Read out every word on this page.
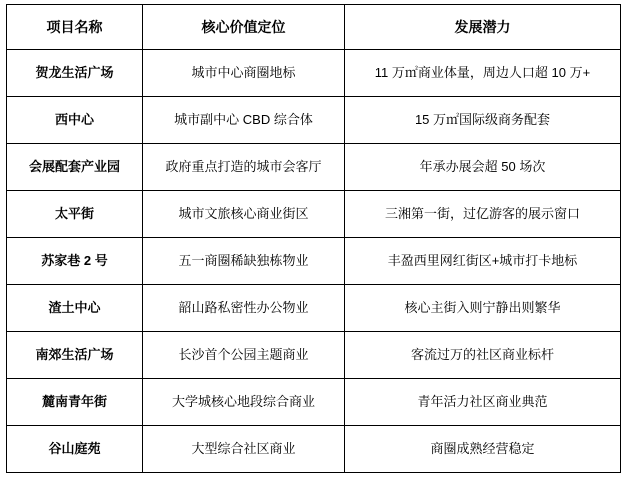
项目名称	核心价值定位	发展潜力
贺龙生活广场	城市中心商圈地标	11 万㎡商业体量，周边人口超 10 万+
西中心	城市副中心 CBD 综合体	15 万㎡国际级商务配套
会展配套产业园	政府重点打造的城市会客厅	年承办展会超 50 场次
太平街	城市文旅核心商业街区	三湘第一街，过亿游客的展示窗口
苏家巷 2 号	五一商圈稀缺独栋物业	丰盈西里网红街区+城市打卡地标
渣土中心	韶山路私密性办公物业	核心主街入则宁静出则繁华
南郊生活广场	长沙首个公园主题商业	客流过万的社区商业标杆
麓南青年街	大学城核心地段综合商业	青年活力社区商业典范
谷山庭苑	大型综合社区商业	商圈成熟经营稳定
